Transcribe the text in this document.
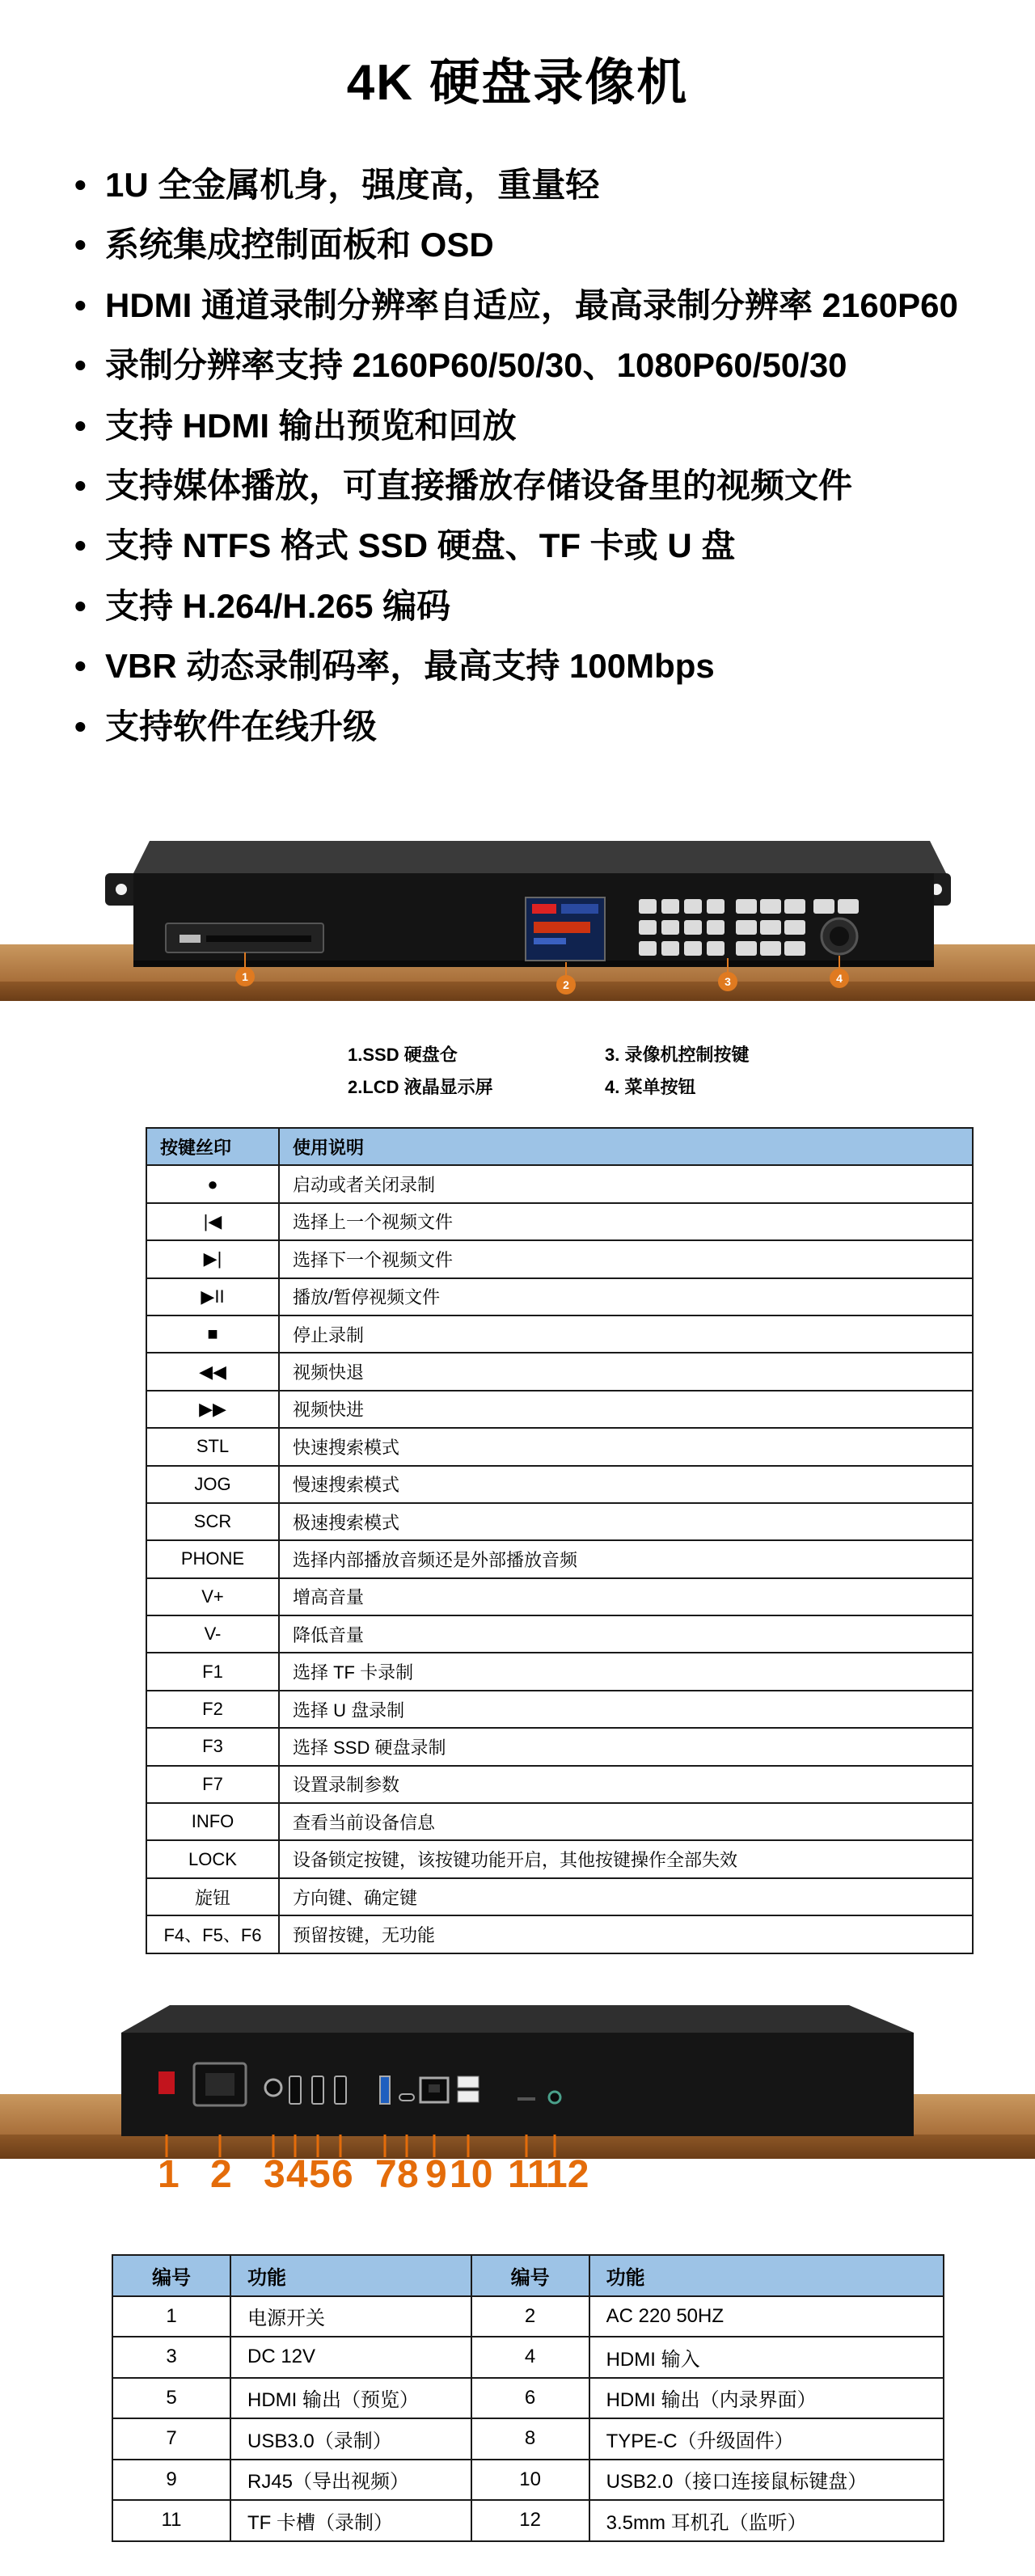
4K 硬盘录像机
• 1U 全金属机身，强度高，重量轻
• 系统集成控制面板和 OSD
• HDMI 通道录制分辨率自适应，最高录制分辨率 2160P60
• 录制分辨率支持 2160P60/50/30、1080P60/50/30
• 支持 HDMI 输出预览和回放
• 支持媒体播放，可直接播放存储设备里的视频文件
• 支持 NTFS 格式 SSD 硬盘、TF 卡或 U 盘
• 支持 H.264/H.265 编码
• VBR 动态录制码率，最高支持 100Mbps
• 支持软件在线升级
1
2	3	4
1.SSD 硬盘仓	3. 录像机控制按键
2.LCD 液晶显示屏	4. 菜单按钮
按键丝印	使用说明
●	启动或者关闭录制
|◀	选择上一个视频文件
▶|	选择下一个视频文件
▶II	播放/暂停视频文件
■	停止录制
◀◀	视频快退
▶▶	视频快进
STL	快速搜索模式
JOG	慢速搜索模式
SCR	极速搜索模式
PHONE	选择内部播放音频还是外部播放音频
V+	增高音量
V-	降低音量
F1	选择 TF 卡录制
F2	选择 U 盘录制
F3	选择 SSD 硬盘录制
F7	设置录制参数
INFO	查看当前设备信息
LOCK	设备锁定按键，该按键功能开启，其他按键操作全部失效
旋钮	方向键、确定键
F4、F5、F6	预留按键，无功能
1 2 3 4 5 6 7 8 9 10 11
12
编号	功能	编号	功能
1	电源开关	2	AC 220 50HZ
3	DC 12V	4	HDMI 输入
5	HDMI 输出（预览）	6	HDMI 输出（内录界面）
7	USB3.0（录制）	8	TYPE-C（升级固件）
9	RJ45（导出视频）	10	USB2.0（接口连接鼠标键盘）
11	TF 卡槽（录制）	12	3.5mm 耳机孔（监听）
